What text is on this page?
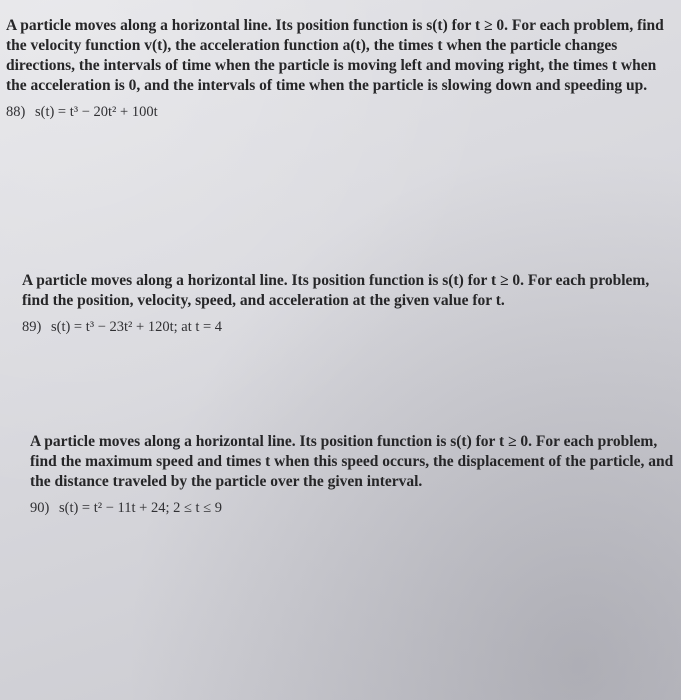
A particle moves along a horizontal line. Its position function is s(t) for t ≥ 0. For each problem, find the velocity function v(t), the acceleration function a(t), the times t when the particle changes directions, the intervals of time when the particle is moving left and moving right, the times t when the acceleration is 0, and the intervals of time when the particle is slowing down and speeding up.

88) s(t) = t³ − 20t² + 100t

A particle moves along a horizontal line. Its position function is s(t) for t ≥ 0. For each problem, find the position, velocity, speed, and acceleration at the given value for t.

89) s(t) = t³ − 23t² + 120t; at t = 4

A particle moves along a horizontal line. Its position function is s(t) for t ≥ 0. For each problem, find the maximum speed and times t when this speed occurs, the displacement of the particle, and the distance traveled by the particle over the given interval.

90) s(t) = t² − 11t + 24; 2 ≤ t ≤ 9
